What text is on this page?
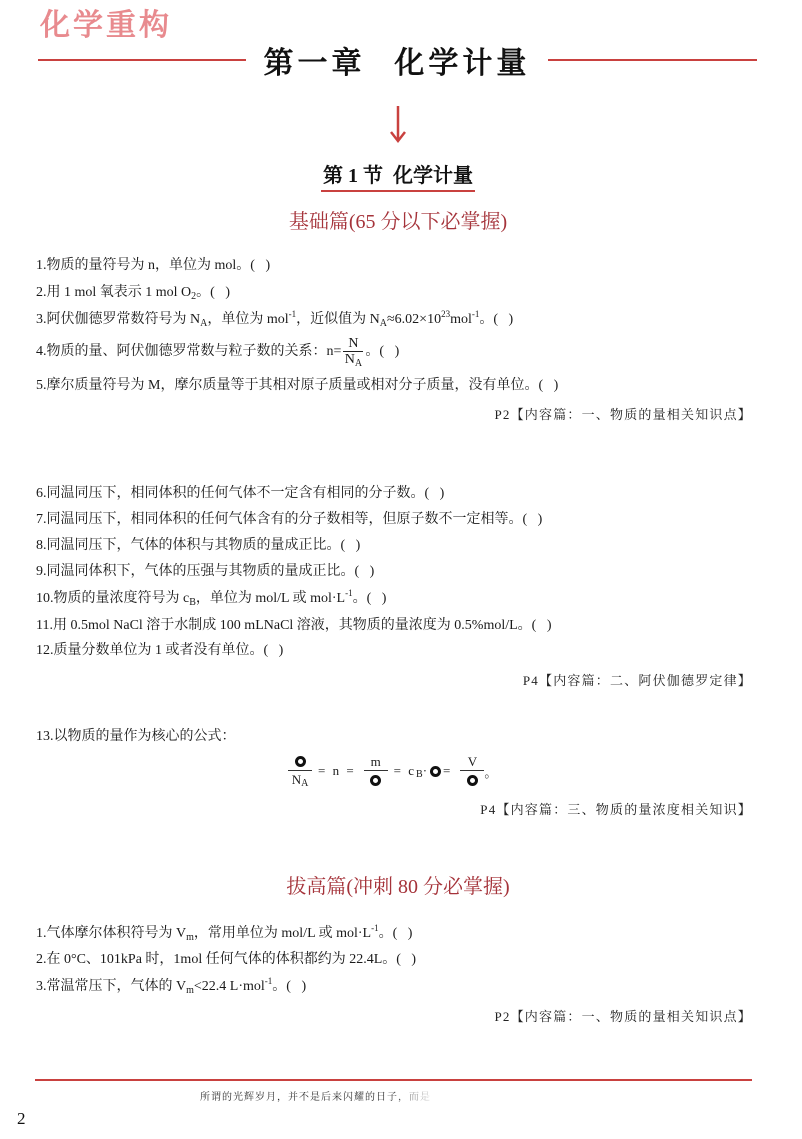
化学重构
第一章  化学计量
第 1 节  化学计量
基础篇(65 分以下必掌握)
1.物质的量符号为 n，单位为 mol。(   )
2.用 1 mol 氧表示 1 mol $O_2$。(   )
3.阿伏伽德罗常数符号为 $N_A$，单位为 mol$^{-1}$，近似值为 $N_A\approx 6.02\times 10^{23}mol^{-1}$。(   )
4.物质的量、阿伏伽德罗常数与粒子数的关系：$n= \frac{N}{N_A}$ 。(   )
5.摩尔质量符号为 M，摩尔质量等于其相对原子质量或相对分子质量，没有单位。(   )
P2【内容篇：一、物质的量相关知识点】
6.同温同压下，相同体积的任何气体不一定含有相同的分子数。(   )
7.同温同压下，相同体积的任何气体含有的分子数相等，但原子数不一定相等。(   )
8.同温同压下，气体的体积与其物质的量成正比。(   )
9.同温同体积下，气体的压强与其物质的量成正比。(   )
10.物质的量浓度符号为 $c_B$，单位为 mol/L 或 $mol\cdot L^{-1}$。(   )
11.用 0.5mol NaCl 溶于水制成 100 mLNaCl 溶液，其物质的量浓度为 0.5%mol/L。(   )
12.质量分数单位为 1 或者没有单位。(   )
P4【内容篇：二、阿伏伽德罗定律】
13.以物质的量作为核心的公式：
$N_A$
= n =
m
= $c_B$ · =
V
。
P4【内容篇：三、物质的量浓度相关知识】
拔高篇(冲刺 80 分必掌握)
1.气体摩尔体积符号为 $V_m$，常用单位为 mol/L 或 $mol\cdot L^{-1}$。(   )
2.在 0°C、101kPa 时，1mol 任何气体的体积都约为 22.4L。(   )
3.常温常压下，气体的 $V_m<22.4$ L·mol$^{-1}$。(   )
P2【内容篇：一、物质的量相关知识点】
所谓的光辉岁月，并不是后来闪耀的日子，而是
2
